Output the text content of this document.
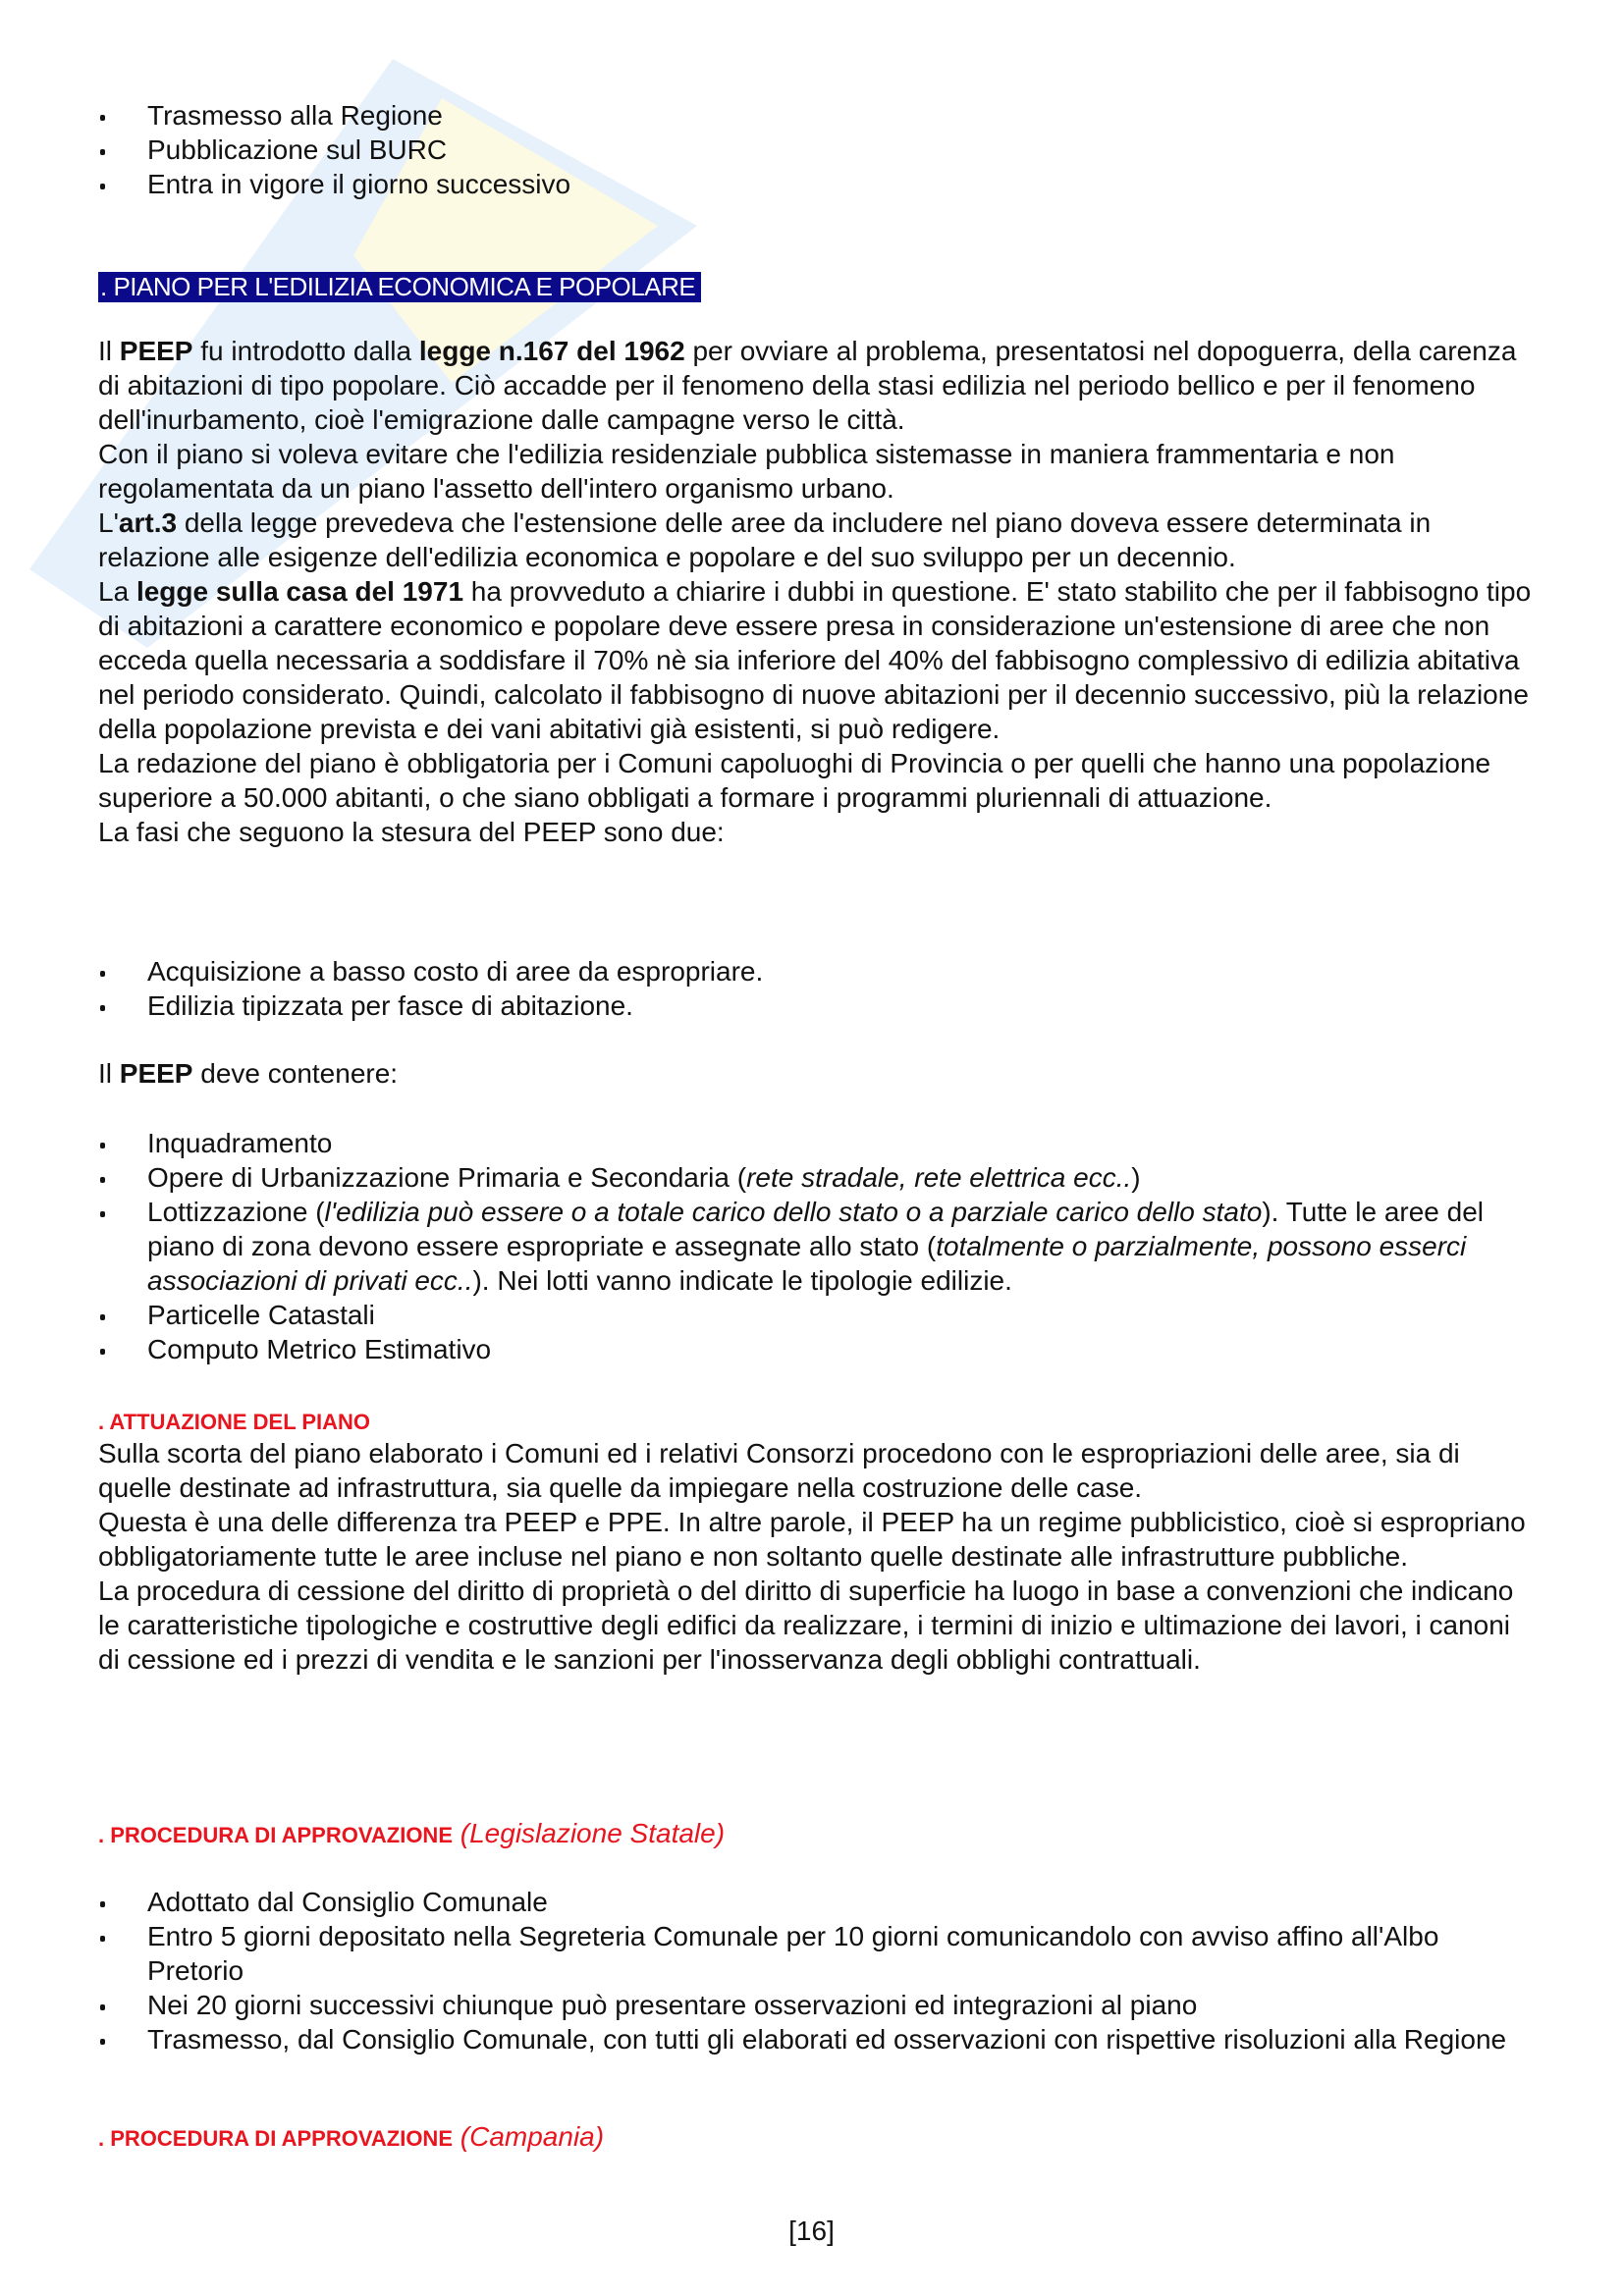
Trasmesso alla Regione
Pubblicazione sul BURC
Entra in vigore il giorno successivo
. PIANO PER L'EDILIZIA ECONOMICA E POPOLARE

Il PEEP fu introdotto dalla legge n.167 del 1962 per ovviare al problema, presentatosi nel dopoguerra, della carenza di abitazioni di tipo popolare. Ciò accadde per il fenomeno della stasi edilizia nel periodo bellico e per il fenomeno dell'inurbamento, cioè l'emigrazione dalle campagne verso le città.

Con il piano si voleva evitare che l'edilizia residenziale pubblica sistemasse in maniera frammentaria e non regolamentata da un piano l'assetto dell'intero organismo urbano.

L'art.3 della legge prevedeva che l'estensione delle aree da includere nel piano doveva essere determinata in relazione alle esigenze dell'edilizia economica e popolare e del suo sviluppo per un decennio.

La legge sulla casa del 1971 ha provveduto a chiarire i dubbi in questione. E' stato stabilito che per il fabbisogno tipo di abitazioni a carattere economico e popolare deve essere presa in considerazione un'estensione di aree che non ecceda quella necessaria a soddisfare il 70% nè sia inferiore del 40% del fabbisogno complessivo di edilizia abitativa nel periodo considerato. Quindi, calcolato il fabbisogno di nuove abitazioni per il decennio successivo, più la relazione della popolazione prevista e dei vani abitativi già esistenti, si può redigere.

La redazione del piano è obbligatoria per i Comuni capoluoghi di Provincia o per quelli che hanno una popolazione superiore a 50.000 abitanti, o che siano obbligati a formare i programmi pluriennali di attuazione.

La fasi che seguono la stesura del PEEP sono due:

Acquisizione a basso costo di aree da espropriare.
Edilizia tipizzata per fasce di abitazione.

Il PEEP deve contenere:

Inquadramento
Opere di Urbanizzazione Primaria e Secondaria (rete stradale, rete elettrica ecc..)
Lottizzazione (l'edilizia può essere o a totale carico dello stato o a parziale carico dello stato). Tutte le aree del piano di zona devono essere espropriate e assegnate allo stato (totalmente o parzialmente, possono esserci associazioni di privati ecc..). Nei lotti vanno indicate le tipologie edilizie.
Particelle Catastali
Computo Metrico Estimativo
. ATTUAZIONE DEL PIANO

Sulla scorta del piano elaborato i Comuni ed i relativi Consorzi procedono con le espropriazioni delle aree, sia di quelle destinate ad infrastruttura, sia quelle da impiegare nella costruzione delle case.

Questa è una delle differenza tra PEEP e PPE. In altre parole, il PEEP ha un regime pubblicistico, cioè si espropriano obbligatoriamente tutte le aree incluse nel piano e non soltanto quelle destinate alle infrastrutture pubbliche.

La procedura di cessione del diritto di proprietà o del diritto di superficie ha luogo in base a convenzioni che indicano le caratteristiche tipologiche e costruttive degli edifici da realizzare, i termini di inizio e ultimazione dei lavori, i canoni di cessione ed i prezzi di vendita e le sanzioni per l'inosservanza degli obblighi contrattuali.

. PROCEDURA DI APPROVAZIONE (Legislazione Statale)
Adottato dal Consiglio Comunale
Entro 5 giorni depositato nella Segreteria Comunale per 10 giorni comunicandolo con avviso affino all'Albo Pretorio
Nei 20 giorni successivi chiunque può presentare osservazioni ed integrazioni al piano
Trasmesso, dal Consiglio Comunale, con tutti gli elaborati ed osservazioni con rispettive risoluzioni alla Regione
. PROCEDURA DI APPROVAZIONE (Campania)
[16]
